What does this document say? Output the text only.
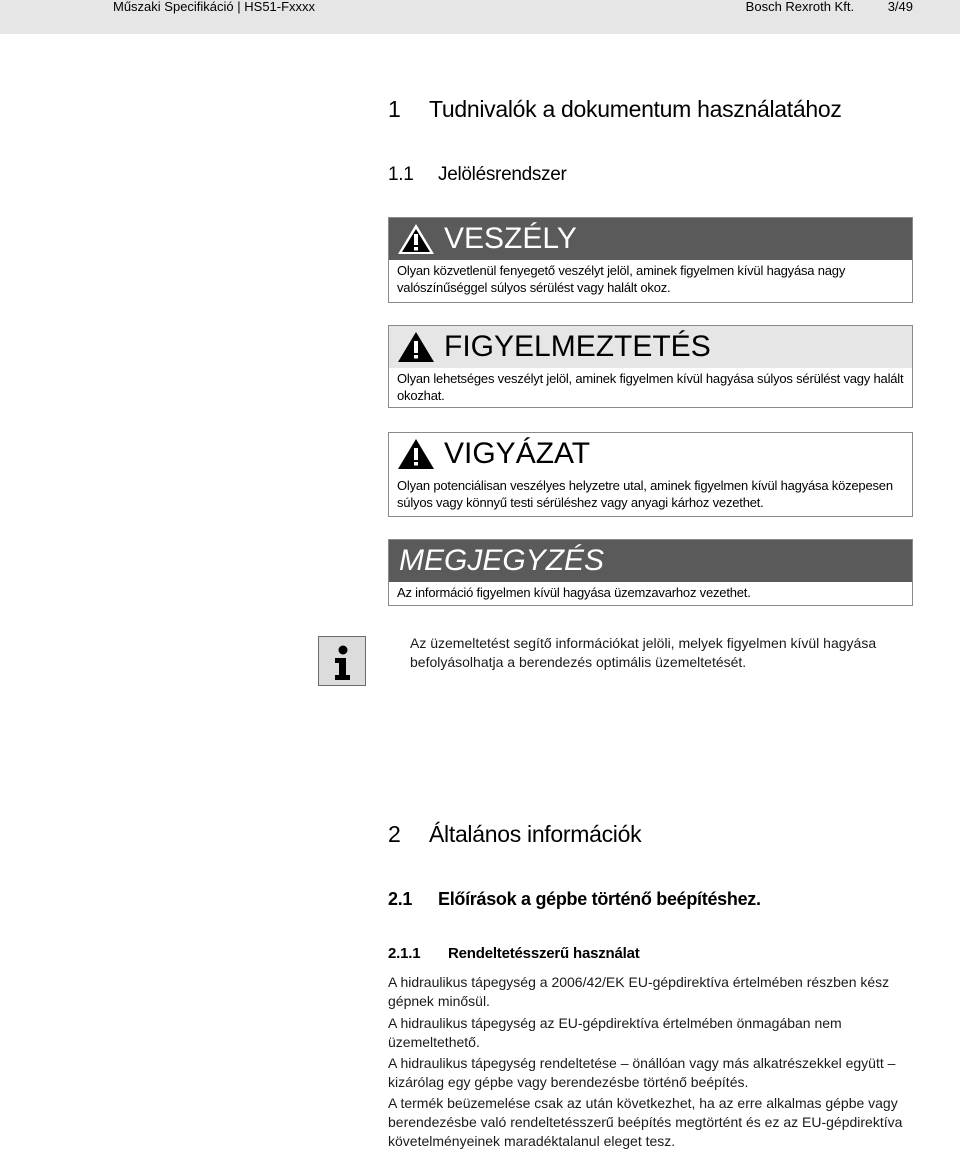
Műszaki Specifikáció | HS51-Fxxxx	Bosch Rexroth Kft.	3/49
1 Tudnivalók a dokumentum használatához
1.1 Jelölésrendszer
VESZÉLY
Olyan közvetlenül fenyegető veszélyt jelöl, aminek figyelmen kívül hagyása nagy valószínűséggel súlyos sérülést vagy halált okoz.
FIGYELMEZTETÉS
Olyan lehetséges veszélyt jelöl, aminek figyelmen kívül hagyása súlyos sérülést vagy halált okozhat.
VIGYÁZAT
Olyan potenciálisan veszélyes helyzetre utal, aminek figyelmen kívül hagyása közepesen súlyos vagy könnyű testi sérüléshez vagy anyagi kárhoz vezethet.
MEGJEGYZÉS
Az információ figyelmen kívül hagyása üzemzavarhoz vezethet.
Az üzemeltetést segítő információkat jelöli, melyek figyelmen kívül hagyása befolyásolhatja a berendezés optimális üzemeltetését.
2 Általános információk
2.1 Előírások a gépbe történő beépítéshez.
2.1.1 Rendeltetésszerű használat
A hidraulikus tápegység a 2006/42/EK EU-gépdirektíva értelmében részben kész gépnek minősül.
A hidraulikus tápegység az EU-gépdirektíva értelmében önmagában nem üzemeltethető.
A hidraulikus tápegység rendeltetése – önállóan vagy más alkatrészekkel együtt – kizárólag egy gépbe vagy berendezésbe történő beépítés.
A termék beüzemelése csak az után következhet, ha az erre alkalmas gépbe vagy berendezésbe való rendeltetésszerű beépítés megtörtént és ez az EU-gépdirektíva követelményeinek maradéktalanul eleget tesz.
